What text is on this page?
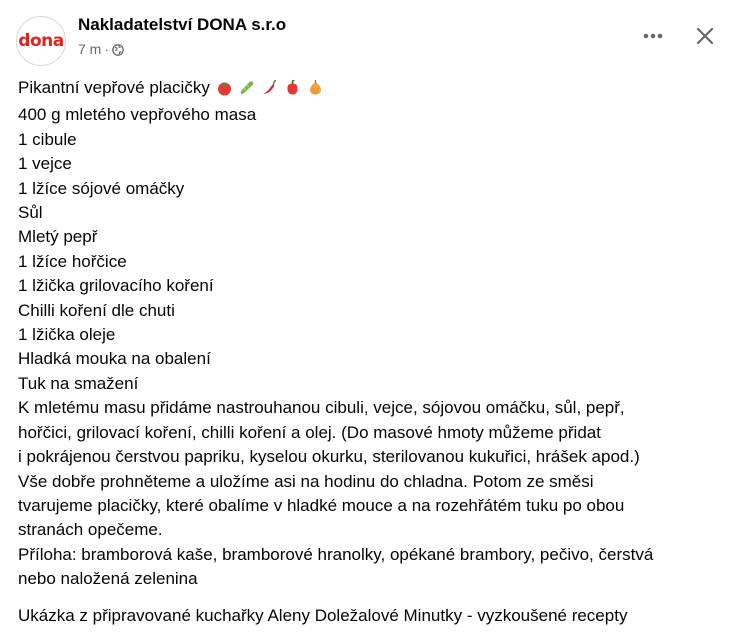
dona
Nakladatelství DONA s.r.o
7 m ·
Pikantní vepřové placičky
400 g mletého vepřového masa
1 cibule
1 vejce
1 lžíce sójové omáčky
Sůl
Mletý pepř
1 lžíce hořčice
1 lžička grilovacího koření
Chilli koření dle chuti
1 lžička oleje
Hladká mouka na obalení
Tuk na smažení
K mletému masu přidáme nastrouhanou cibuli, vejce, sójovou omáčku, sůl, pepř,
hořčici, grilovací koření, chilli koření a olej. (Do masové hmoty můžeme přidat
i pokrájenou čerstvou papriku, kyselou okurku, sterilovanou kukuřici, hrášek apod.)
Vše dobře prohněteme a uložíme asi na hodinu do chladna. Potom ze směsi
tvarujeme placičky, které obalíme v hladké mouce a na rozehřátém tuku po obou
stranách opečeme.
Příloha: bramborová kaše, bramborové hranolky, opékané brambory, pečivo, čerstvá
nebo naložená zelenina
Ukázka z připravované kuchařky Aleny Doležalové Minutky - vyzkoušené recepty
